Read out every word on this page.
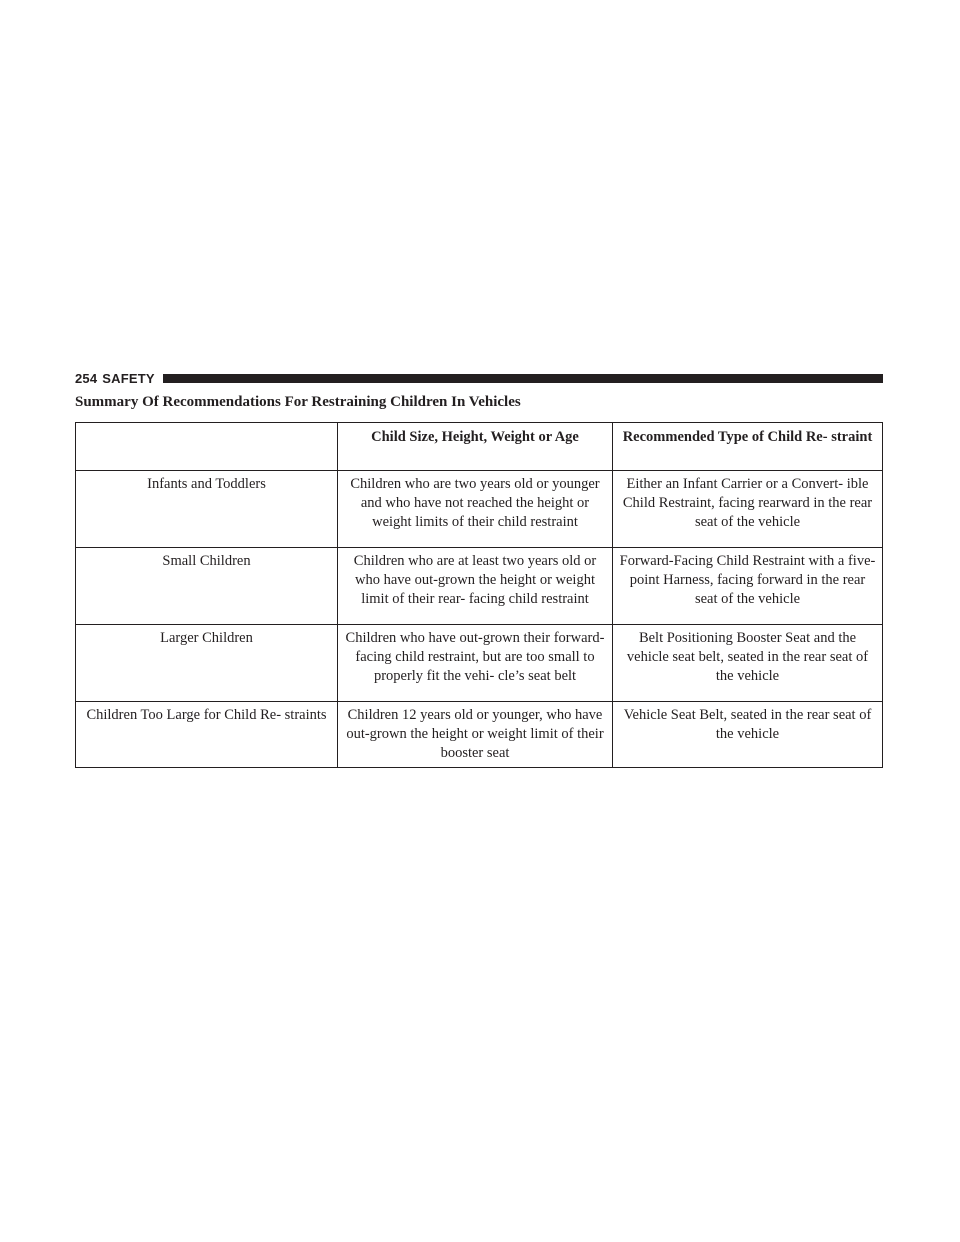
254 SAFETY
Summary Of Recommendations For Restraining Children In Vehicles
	Child Size, Height, Weight or Age	Recommended Type of Child Re- straint
Infants and Toddlers	Children who are two years old or younger and who have not reached the height or weight limits of their child restraint	Either an Infant Carrier or a Convert- ible Child Restraint, facing rearward in the rear seat of the vehicle
Small Children	Children who are at least two years old or who have out-grown the height or weight limit of their rear- facing child restraint	Forward-Facing Child Restraint with a five-point Harness, facing forward in the rear seat of the vehicle
Larger Children	Children who have out-grown their forward-facing child restraint, but are too small to properly fit the vehi- cle’s seat belt	Belt Positioning Booster Seat and the vehicle seat belt, seated in the rear seat of the vehicle
Children Too Large for Child Re- straints	Children 12 years old or younger, who have out-grown the height or weight limit of their booster seat	Vehicle Seat Belt, seated in the rear seat of the vehicle
